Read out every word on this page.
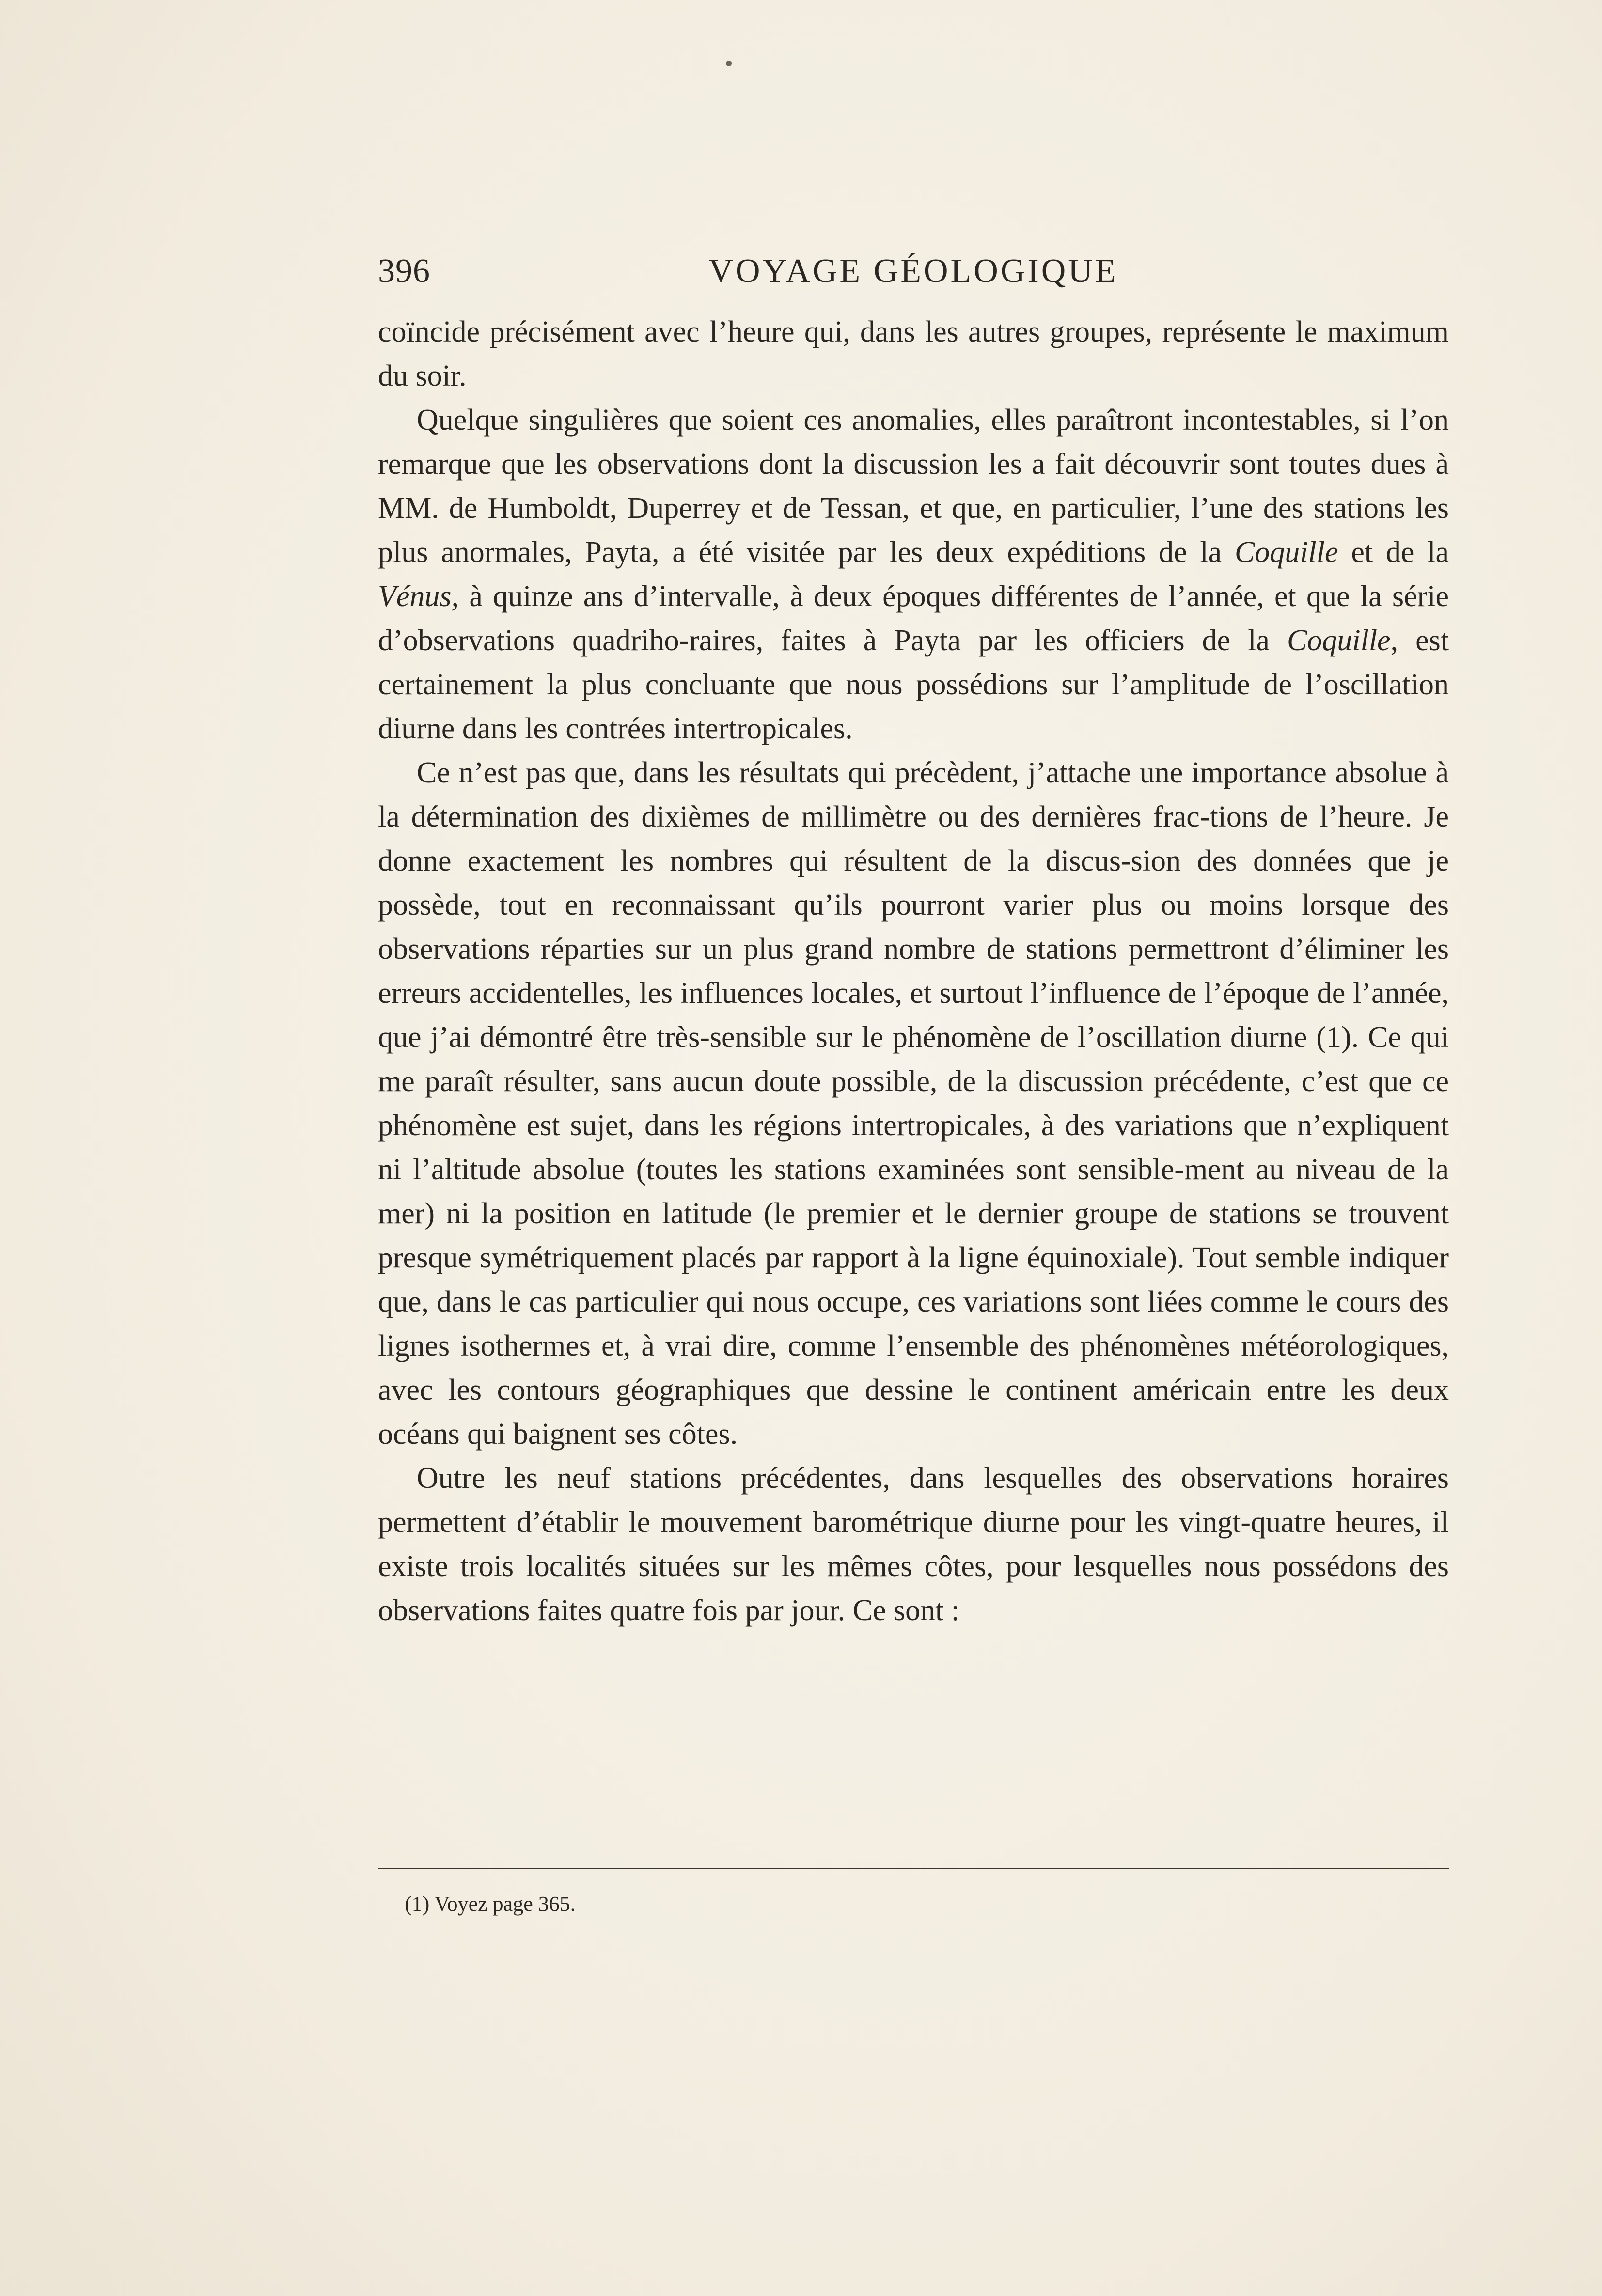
396	VOYAGE GÉOLOGIQUE

coïncide précisément avec l’heure qui, dans les autres groupes, représente le maximum du soir.

Quelque singulières que soient ces anomalies, elles paraîtront incontestables, si l’on remarque que les observations dont la discussion les a fait découvrir sont toutes dues à MM. de Humboldt, Duperrey et de Tessan, et que, en particulier, l’une des stations les plus anormales, Payta, a été visitée par les deux expéditions de la Coquille et de la Vénus, à quinze ans d’intervalle, à deux époques différentes de l’année, et que la série d’observations quadriho-raires, faites à Payta par les officiers de la Coquille, est certainement la plus concluante que nous possédions sur l’amplitude de l’oscillation diurne dans les contrées intertropicales.

Ce n’est pas que, dans les résultats qui précèdent, j’attache une importance absolue à la détermination des dixièmes de millimètre ou des dernières frac-tions de l’heure. Je donne exactement les nombres qui résultent de la discus-sion des données que je possède, tout en reconnaissant qu’ils pourront varier plus ou moins lorsque des observations réparties sur un plus grand nombre de stations permettront d’éliminer les erreurs accidentelles, les influences locales, et surtout l’influence de l’époque de l’année, que j’ai démontré être très-sensible sur le phénomène de l’oscillation diurne (1). Ce qui me paraît résulter, sans aucun doute possible, de la discussion précédente, c’est que ce phénomène est sujet, dans les régions intertropicales, à des variations que n’expliquent ni l’altitude absolue (toutes les stations examinées sont sensible-ment au niveau de la mer) ni la position en latitude (le premier et le dernier groupe de stations se trouvent presque symétriquement placés par rapport à la ligne équinoxiale). Tout semble indiquer que, dans le cas particulier qui nous occupe, ces variations sont liées comme le cours des lignes isothermes et, à vrai dire, comme l’ensemble des phénomènes météorologiques, avec les contours géographiques que dessine le continent américain entre les deux océans qui baignent ses côtes.

Outre les neuf stations précédentes, dans lesquelles des observations horaires permettent d’établir le mouvement barométrique diurne pour les vingt-quatre heures, il existe trois localités situées sur les mêmes côtes, pour lesquelles nous possédons des observations faites quatre fois par jour. Ce sont :

(1) Voyez page 365.
